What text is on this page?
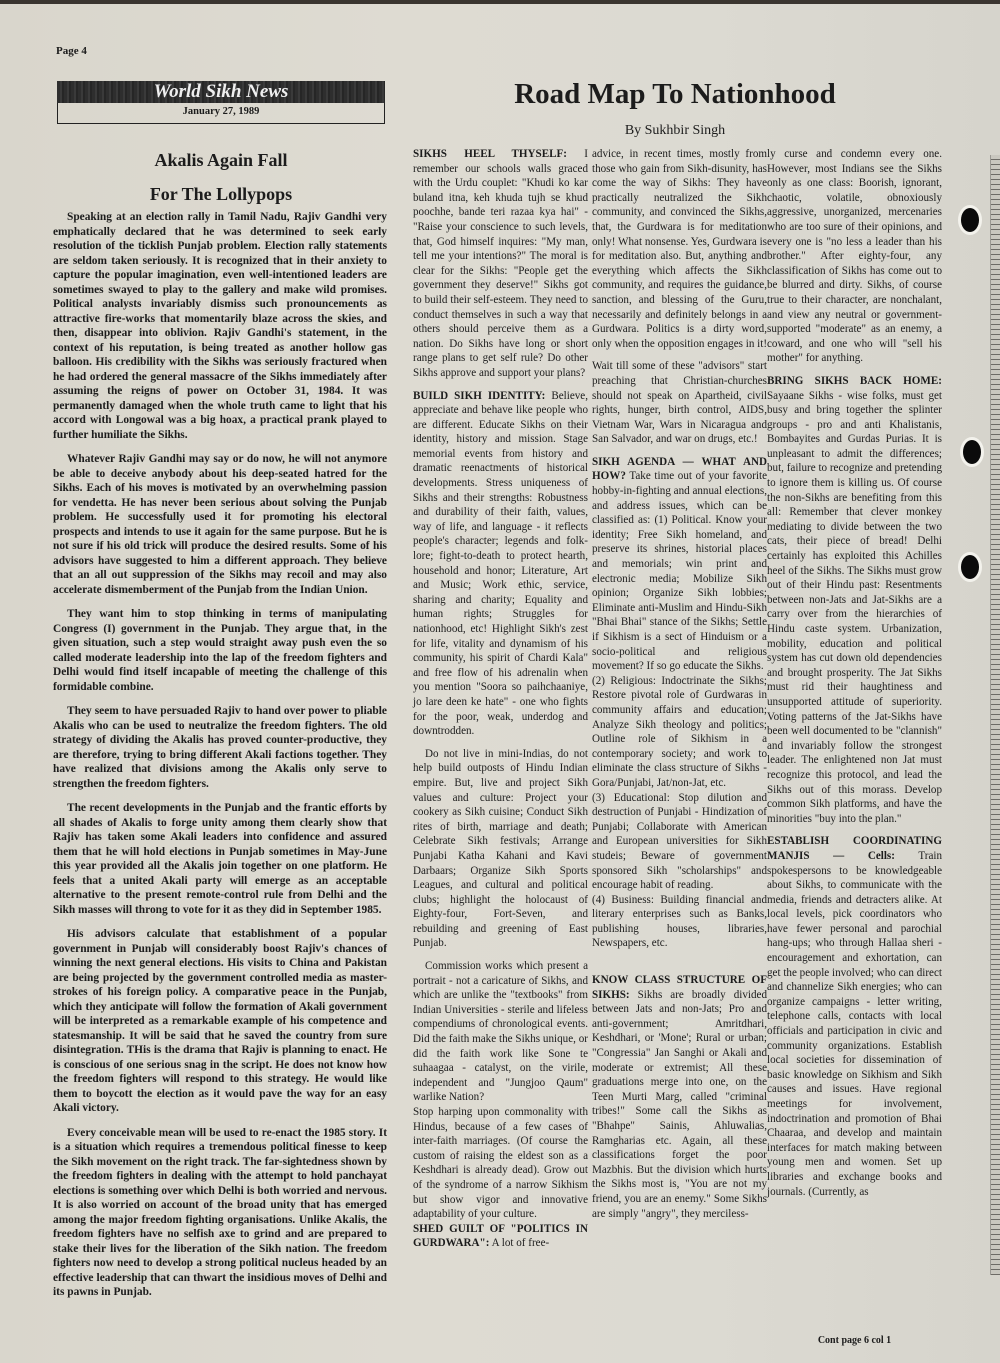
Page 4
World Sikh News
January 27, 1989
Akalis Again Fall
For The Lollypops

Speaking at an election rally in Tamil Nadu, Rajiv Gandhi very emphatically declared that he was determined to seek early resolution of the ticklish Punjab problem. Election rally statements are seldom taken seriously. It is recognized that in their anxiety to capture the popular imagination, even well-intentioned leaders are sometimes swayed to play to the gallery and make wild promises. Political analysts invariably dismiss such pronouncements as attractive fire-works that momentarily blaze across the skies, and then, disappear into oblivion. Rajiv Gandhi's statement, in the context of his reputation, is being treated as another hollow gas balloon. His credibility with the Sikhs was seriously fractured when he had ordered the general massacre of the Sikhs immediately after assuming the reigns of power on October 31, 1984. It was permanently damaged when the whole truth came to light that his accord with Longowal was a big hoax, a practical prank played to further humiliate the Sikhs.

Whatever Rajiv Gandhi may say or do now, he will not anymore be able to deceive anybody about his deep-seated hatred for the Sikhs. Each of his moves is motivated by an overwhelming passion for vendetta. He has never been serious about solving the Punjab problem. He successfully used it for promoting his electoral prospects and intends to use it again for the same purpose. But he is not sure if his old trick will produce the desired results. Some of his advisors have suggested to him a different approach. They believe that an all out suppression of the Sikhs may recoil and may also accelerate dismemberment of the Punjab from the Indian Union.

They want him to stop thinking in terms of manipulating Congress (I) government in the Punjab. They argue that, in the given situation, such a step would straight away push even the so called moderate leadership into the lap of the freedom fighters and Delhi would find itself incapable of meeting the challenge of this formidable combine.

They seem to have persuaded Rajiv to hand over power to pliable Akalis who can be used to neutralize the freedom fighters. The old strategy of dividing the Akalis has proved counter-productive, they are therefore, trying to bring different Akali factions together. They have realized that divisions among the Akalis only serve to strengthen the freedom fighters.

The recent developments in the Punjab and the frantic efforts by all shades of Akalis to forge unity among them clearly show that Rajiv has taken some Akali leaders into confidence and assured them that he will hold elections in Punjab sometimes in May-June this year provided all the Akalis join together on one platform. He feels that a united Akali party will emerge as an acceptable alternative to the present remote-control rule from Delhi and the Sikh masses will throng to vote for it as they did in September 1985.

His advisors calculate that establishment of a popular government in Punjab will considerably boost Rajiv's chances of winning the next general elections. His visits to China and Pakistan are being projected by the government controlled media as master-strokes of his foreign policy. A comparative peace in the Punjab, which they anticipate will follow the formation of Akali government will be interpreted as a remarkable example of his competence and statesmanship. It will be said that he saved the country from sure disintegration. THis is the drama that Rajiv is planning to enact. He is conscious of one serious snag in the script. He does not know how the freedom fighters will respond to this strategy. He would like them to boycott the election as it would pave the way for an easy Akali victory.

Every conceivable mean will be used to re-enact the 1985 story. It is a situation which requires a tremendous political finesse to keep the Sikh movement on the right track. The far-sightedness shown by the freedom fighters in dealing with the attempt to hold panchayat elections is something over which Delhi is both worried and nervous. It is also worried on account of the broad unity that has emerged among the major freedom fighting organisations. Unlike Akalis, the freedom fighters have no selfish axe to grind and are prepared to stake their lives for the liberation of the Sikh nation. The freedom fighters now need to develop a strong political nucleus headed by an effective leadership that can thwart the insidious moves of Delhi and its pawns in Punjab.

Road Map To Nationhood
By Sukhbir Singh

SIKHS HEEL THYSELF: I remember our schools walls graced with the Urdu couplet: "Khudi ko kar buland itna, keh khuda tujh se khud poochhe, bande teri razaa kya hai" - "Raise your conscience to such levels, that, God himself inquires: "My man, tell me your intentions?" The moral is clear for the Sikhs: "People get the government they deserve!" Sikhs got to build their self-esteem. They need to conduct themselves in such a way that others should perceive them as a nation. Do Sikhs have long or short range plans to get self rule? Do other Sikhs approve and support your plans?

BUILD SIKH IDENTITY: Believe, appreciate and behave like people who are different. Educate Sikhs on their identity, history and mission. Stage memorial events from history and dramatic reenactments of historical developments. Stress uniqueness of Sikhs and their strengths: Robustness and durability of their faith, values, way of life, and language - it reflects people's character; legends and folk-lore; fight-to-death to protect hearth, household and honor; Literature, Art and Music; Work ethic, service, sharing and charity; Equality and human rights; Struggles for nationhood, etc! Highlight Sikh's zest for life, vitality and dynamism of his community, his spirit of Chardi Kala" and free flow of his adrenalin when you mention "Soora so paihchaaniye, jo lare deen ke hate" - one who fights for the poor, weak, underdog and downtrodden.

Do not live in mini-Indias, do not help build outposts of Hindu Indian empire. But, live and project Sikh values and culture: Project your cookery as Sikh cuisine; Conduct Sikh rites of birth, marriage and death; Celebrate Sikh festivals; Arrange Punjabi Katha Kahani and Kavi Darbaars; Organize Sikh Sports Leagues, and cultural and political clubs; highlight the holocaust of Eighty-four, Fort-Seven, and rebuilding and greening of East Punjab.

Commission works which present a portrait - not a caricature of Sikhs, and which are unlike the "textbooks" from Indian Universities - sterile and lifeless compendiums of chronological events. Did the faith make the Sikhs unique, or did the faith work like Sone te suhaagaa - catalyst, on the virile, independent and "Jungjoo Qaum" warlike Nation?

Stop harping upon commonality with Hindus, because of a few cases of inter-faith marriages. (Of course the custom of raising the eldest son as a Keshdhari is already dead). Grow out of the syndrome of a narrow Sikhism but show vigor and innovative adaptability of your culture.

SHED GUILT OF "POLITICS IN GURDWARA": A lot of free-

advice, in recent times, mostly from those who gain from Sikh-disunity, has come the way of Sikhs: They have practically neutralized the Sikh community, and convinced the Sikhs, that, the Gurdwara is for meditation only! What nonsense. Yes, Gurdwara is for meditation also. But, anything and everything which affects the Sikh community, and requires the guidance, sanction, and blessing of the Guru, necessarily and definitely belongs in a Gurdwara. Politics is a dirty word, only when the opposition engages in it!

Wait till some of these "advisors" start preaching that Christian-churches should not speak on Apartheid, civil rights, hunger, birth control, AIDS, Vietnam War, Wars in Nicaragua and San Salvador, and war on drugs, etc.!

SIKH AGENDA — WHAT AND HOW? Take time out of your favorite hobby-in-fighting and annual elections, and address issues, which can be classified as: (1) Political. Know your identity; Free Sikh homeland, and preserve its shrines, historial places and memorials; win print and electronic media; Mobilize Sikh opinion; Organize Sikh lobbies; Eliminate anti-Muslim and Hindu-Sikh "Bhai Bhai" stance of the Sikhs; Settle if Sikhism is a sect of Hinduism or a socio-political and religious movement? If so go educate the Sikhs.

(2) Religious: Indoctrinate the Sikhs; Restore pivotal role of Gurdwaras in community affairs and education; Analyze Sikh theology and politics; Outline role of Sikhism in a contemporary society; and work to eliminate the class structure of Sikhs - Gora/Punjabi, Jat/non-Jat, etc.

(3) Educational: Stop dilution and destruction of Punjabi - Hindization of Punjabi; Collaborate with American and European universities for Sikh studeis; Beware of government sponsored Sikh "scholarships" and encourage habit of reading.

(4) Business: Building financial and literary enterprises such as Banks, publishing houses, libraries, Newspapers, etc.

KNOW CLASS STRUCTURE OF SIKHS: Sikhs are broadly divided between Jats and non-Jats; Pro and anti-government; Amritdhari, Keshdhari, or 'Mone'; Rural or urban; "Congressia" Jan Sanghi or Akali and moderate or extremist; All these graduations merge into one, on the Teen Murti Marg, called "criminal tribes!" Some call the Sikhs as "Bhahpe" Sainis, Ahluwalias, Ramgharias etc. Again, all these classifications forget the poor Mazbhis. But the division which hurts the Sikhs most is, "You are not my friend, you are an enemy." Some Sikhs are simply "angry", they merciless-

ly curse and condemn every one. However, most Indians see the Sikhs only as one class: Boorish, ignorant, chaotic, volatile, obnoxiously aggressive, unorganized, mercenaries who are too sure of their opinions, and every one is "no less a leader than his brother." After eighty-four, any classification of Sikhs has come out to be blurred and dirty. Sikhs, of course true to their character, are nonchalant, and view any neutral or government-supported "moderate" as an enemy, a coward, and one who will "sell his mother" for anything.

BRING SIKHS BACK HOME: Sayaane Sikhs - wise folks, must get busy and bring together the splinter groups - pro and anti Khalistanis, Bombayites and Gurdas Purias. It is unpleasant to admit the differences; but, failure to recognize and pretending to ignore them is killing us. Of course the non-Sikhs are benefiting from this all: Remember that clever monkey mediating to divide between the two cats, their piece of bread! Delhi certainly has exploited this Achilles heel of the Sikhs. The Sikhs must grow out of their Hindu past: Resentments between non-Jats and Jat-Sikhs are a carry over from the hierarchies of Hindu caste system. Urbanization, mobility, education and political system has cut down old dependencies and brought prosperity. The Jat Sikhs must rid their haughtiness and unsupported attitude of superiority. Voting patterns of the Jat-Sikhs have been well documented to be "clannish" and invariably follow the strongest leader. The enlightened non Jat must recognize this protocol, and lead the Sikhs out of this morass. Develop common Sikh platforms, and have the minorities "buy into the plan."

ESTABLISH COORDINATING MANJIS — Cells: Train spokespersons to be knowledgeable about Sikhs, to communicate with the media, friends and detracters alike. At local levels, pick coordinators who have fewer personal and parochial hang-ups; who through Hallaa sheri - encouragement and exhortation, can get the people involved; who can direct and channelize Sikh energies; who can organize campaigns - letter writing, telephone calls, contacts with local officials and participation in civic and community organizations. Establish local societies for dissemination of basic knowledge on Sikhism and Sikh causes and issues. Have regional meetings for involvement, indoctrination and promotion of Bhai Chaaraa, and develop and maintain interfaces for match making between young men and women. Set up libraries and exchange books and journals. (Currently, as

Cont page 6 col 1
